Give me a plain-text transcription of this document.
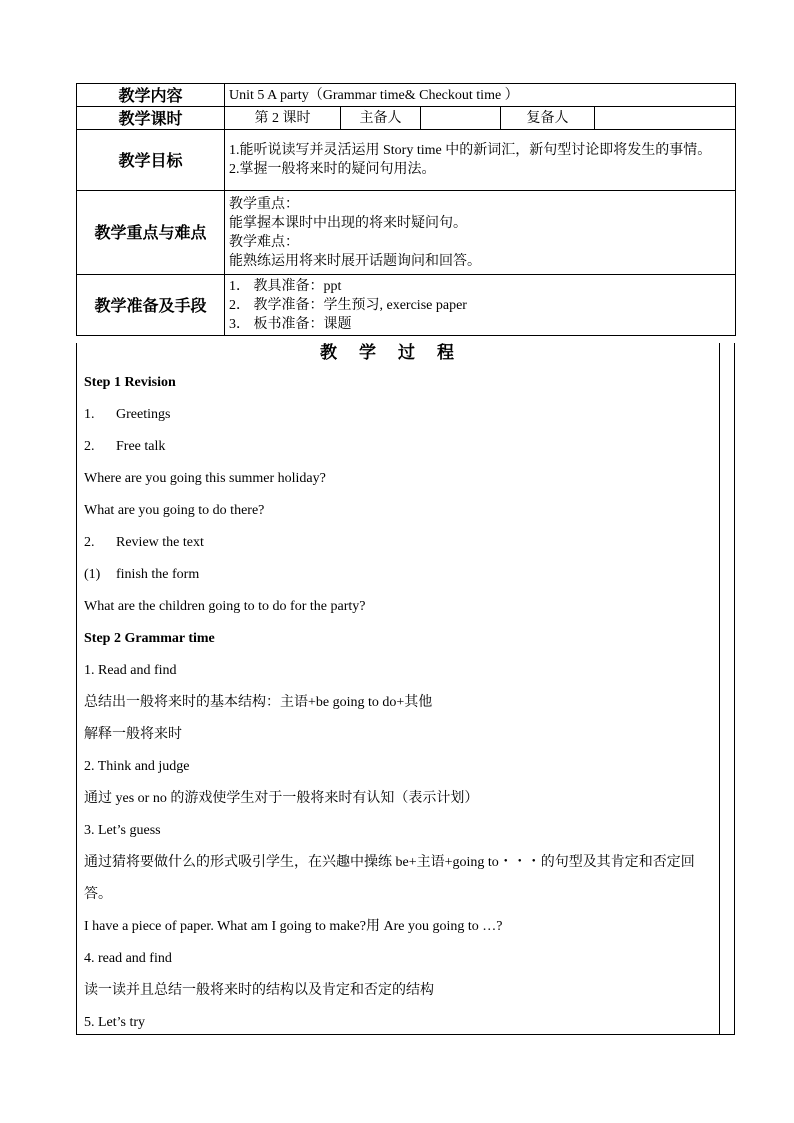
教学内容	Unit 5 A party（Grammar time& Checkout time ）				
教学课时	第 2 课时	主备人		复备人	
教学目标	1.能听说读写并灵活运用 Story time 中的新词汇，新句型讨论即将发生的事情。
2.掌握一般将来时的疑问句用法。				

教学重点与难点	教学重点：
能掌握本课时中出现的将来时疑问句。
教学难点：
能熟练运用将来时展开话题询问和回答。				

教学准备及手段	1． 教具准备：ppt
2． 教学准备：学生预习, exercise paper
3． 板书准备：课题				
教学过程
Step 1 Revision
1. Greetings
2. Free talk
Where are you going this summer holiday?
What are you going to do there?
2. Review the text
(1) finish the form
What are the children going to to do for the party?
Step 2 Grammar time
1. Read and find
总结出一般将来时的基本结构：主语+be going to do+其他
解释一般将来时
2. Think and judge
通过 yes or no 的游戏使学生对于一般将来时有认知（表示计划）
3. Let’s guess
通过猜将要做什么的形式吸引学生，在兴趣中操练 be+主语+going to・・・的句型及其肯定和否定回答。
I have a piece of paper. What am I going to make?用 Are you going to …?
4. read and find
读一读并且总结一般将来时的结构以及肯定和否定的结构
5. Let’s try
